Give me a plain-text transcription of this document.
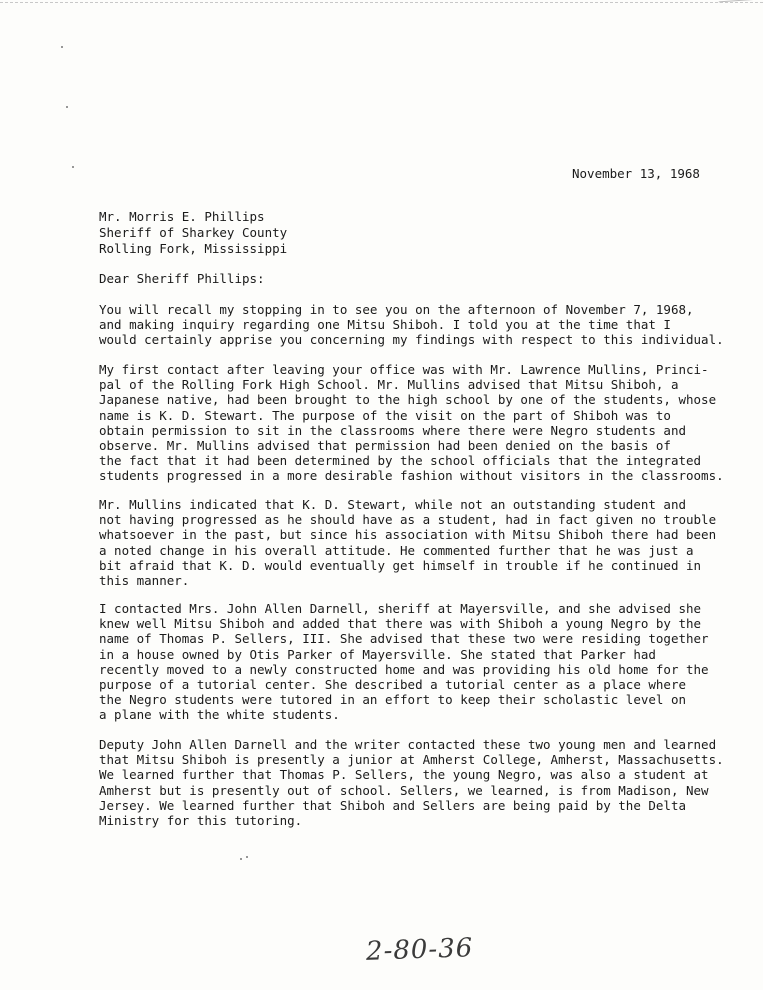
November 13, 1968
Mr. Morris E. Phillips
Sheriff of Sharkey County
Rolling Fork, Mississippi
Dear Sheriff Phillips:
You will recall my stopping in to see you on the afternoon of November 7, 1968,
and making inquiry regarding one Mitsu Shiboh. I told you at the time that I
would certainly apprise you concerning my findings with respect to this individual.
My first contact after leaving your office was with Mr. Lawrence Mullins, Princi-
pal of the Rolling Fork High School. Mr. Mullins advised that Mitsu Shiboh, a
Japanese native, had been brought to the high school by one of the students, whose
name is K. D. Stewart. The purpose of the visit on the part of Shiboh was to
obtain permission to sit in the classrooms where there were Negro students and
observe. Mr. Mullins advised that permission had been denied on the basis of
the fact that it had been determined by the school officials that the integrated
students progressed in a more desirable fashion without visitors in the classrooms.
Mr. Mullins indicated that K. D. Stewart, while not an outstanding student and
not having progressed as he should have as a student, had in fact given no trouble
whatsoever in the past, but since his association with Mitsu Shiboh there had been
a noted change in his overall attitude. He commented further that he was just a
bit afraid that K. D. would eventually get himself in trouble if he continued in
this manner.
I contacted Mrs. John Allen Darnell, sheriff at Mayersville, and she advised she
knew well Mitsu Shiboh and added that there was with Shiboh a young Negro by the
name of Thomas P. Sellers, III. She advised that these two were residing together
in a house owned by Otis Parker of Mayersville. She stated that Parker had
recently moved to a newly constructed home and was providing his old home for the
purpose of a tutorial center. She described a tutorial center as a place where
the Negro students were tutored in an effort to keep their scholastic level on
a plane with the white students.
Deputy John Allen Darnell and the writer contacted these two young men and learned
that Mitsu Shiboh is presently a junior at Amherst College, Amherst, Massachusetts.
We learned further that Thomas P. Sellers, the young Negro, was also a student at
Amherst but is presently out of school. Sellers, we learned, is from Madison, New
Jersey. We learned further that Shiboh and Sellers are being paid by the Delta
Ministry for this tutoring.
2-80-36
